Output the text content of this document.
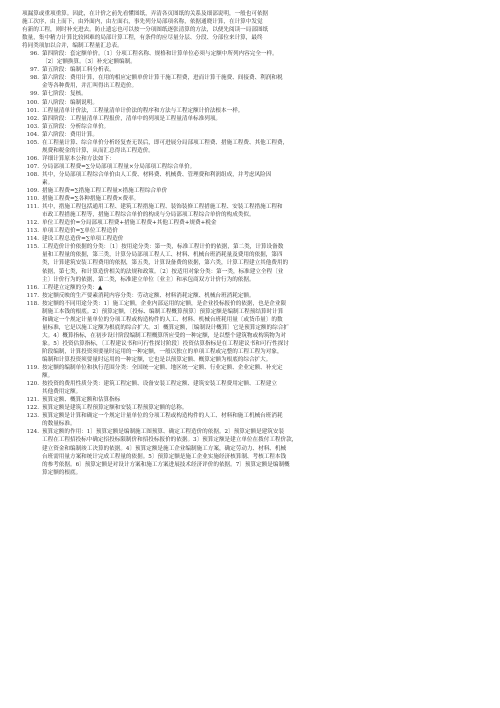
项漏算或重项重算。因此，在计价之前先看懂图纸，弄清各页图纸的关系及细部说明，一般也可依据
施工次序，由上而下，由外面内，由左面右，事先列分局部项名称，依据通晓计算，在计算中发觉
有新的工程，则时补充进去。防止遗忘也可以按一分项图纸逐张清算的方法，以便先阅读一局部图纸
数量，集中精力计算比较困难的局部计算工程，有条件的应尽量分层、分段、分部位来计算，最终
将同类项加以合并，编制工程量汇总表。
96. 第四阶段：套定额单价。〔1〕分项工程名称、规格和计算单位必须与定额中所列内容完全一样。
〔2〕定额换算。〔3〕补充定额编制。
97. 第五阶段：编制工料分析表。
98. 第六阶段：费用计算，在用的相应定额单价计算干施工程费，进而计算干施费、间接费、利润和税
金等各种费用，并汇叫得出工程造价。
99. 第七阶段：复核。
100. 第八阶段：编制说明。
101. 工程量清单计价法，工程量清单计价法的程序和方法与工程定额计价法根本一样。
102. 第四阶段：工程量清单工程报价，清单中的列项是工程量清单标准列项。
103. 第五阶段：分析综合单价。
104. 第六阶段：费用计算。
105. 在工程量计算、综合单价分析经复查无误后，即可进展分局部项工程费、措施工程费、其他工程费，
规费和税金的计算，从而汇总得出工程造价。
106. 详细计算原本公和方法如下：
107. 分局部项工程费=∑分局部项工程量×分局部项工程综合单价。
108. 其中，分局部项工程综合单价由人工费、材料费、机械费、管理费和利润组成，并考虑风险因
素。
109. 措施工程费=∑措施工程工程量×措施工程综合单价
110. 措施工程费=∑各种措施工程费×费率。
111. 其中，措施工程包括通用工程、建筑工程措施工程、装饰装修工程措施工程、安装工程措施工程和
市政工程措施工程等，措施工程综合单价的构成与分局部项工程综合单价的构成类似。
112. 单位工程造价=分局部项工程费+措施工程费+其他工程费+规费+税金
113. 单项工程造价=∑单位工程造价
114. 建设工程总造价=∑单项工程造价
115. 工程造价计价依据的分类：〔1〕按用途分类：第一类，标准工程计价的依据，第二类，计算设备数
量和工程量的依据，第三类，计算分局部项工程人工、材料、机械台班消耗量及费用的依据，第四
类，计算建筑安装工程费用的依据，第五类，计算设备费的依据，第六类，计算工程建立其他费用的
依据，第七类，和计算造价相关的法规和政策。〔2〕按适用对象分类：第一类，标准建立全程〔业
主〕计价行为的依据，第二类，标准建立单位〔业主〕和承包商双方计价行为的依据。
116. 工程建立定额的分类：▲
117. 按定额反映的生产要素消耗内容分类：劳动定额、材料消耗定额、机械台班消耗定额。
118. 按定额的不同用途分类：1〕施工定额，企业内部运用的定额，是企业投标报价的依据，也是企业限
制施工本钱的根底。2〕预算定额，〔投标、编制工程概算预算〕预算定额是编制工程预结算时计算
和确定一个规定计量单位的分项工程或构造构件的人工、材料、机械台班耗用量〔或货币量〕的数
量标准，它是以施工定额为根底的综合扩大。3〕概算定额，〔编制设计概算〕它是预算定额的综合扩
大。4〕概算指标，在初步设计阶段编制工程概算所应受的一种定额，是以整个建筑物或构筑物为对
象。5〕投资估算指标，〔工程建议书和可行性探讨阶段〕投资估算指标是在工程建议书和可行性探讨
阶段编制，计算投资须要量时运用的一种定额，一般以独立的单项工程或完整的工程工程为对象，
编制和计算投资须要量时运用的一种定额，它也是以预算定额、概算定额为根底的综合扩大。
119. 按定额的编制单位和执行范围分类：全国统一定额、地区统一定额、行业定额、企业定额、补充定
额。
120. 按投资的费用性质分类：建筑工程定额、设备安装工程定额、建筑安装工程费用定额、工程建立
其他费用定额。
121. 预算定额、概算定额和估算指标
122. 预算定额是建筑工程预算定额和安装工程预算定额的总称。
123. 预算定额是计算和确定一个规定计量单位的分项工程或构造构件的人工、材料和施工机械台班消耗
的数量标准。
124. 预算定额的作用：1〕预算定额是编制施工图预算、确定工程造价的依据。2〕预算定额是建筑安装
工程在工程招投标中确定招投标限制价和招投标报价的依据。3〕预算定额是建立单位在拨付工程价款，
建立资金和编制竣工决算的依据。4〕预算定额是施工企业编制施工方案，确定劳动力、材料、机械
台班需用量方案和统计完成工程量的依据。5〕预算定额是施工企业实施经济核算制、考核工程本钱
的参考依据。6〕预算定额是对设计方案和施工方案进展技术经济评价的依据。7〕预算定额是编制概
算定额的根底。
